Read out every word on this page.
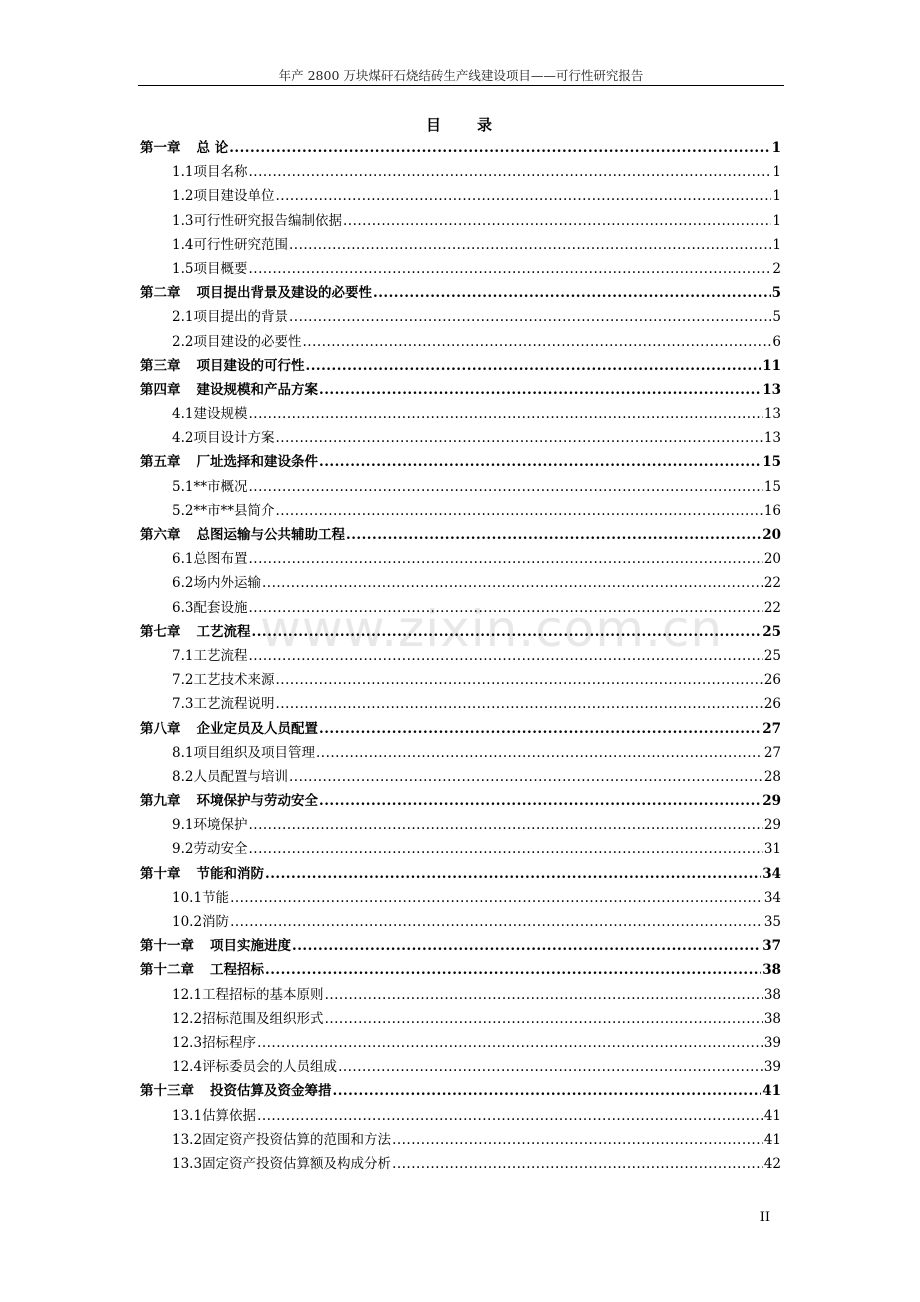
年产 2800 万块煤矸石烧结砖生产线建设项目——可行性研究报告
目　　录
www.zixin.com.cn
第一章 总 论 .....	1
1.1 项目名称 .....	1
1.2 项目建设单位 .....	1
1.3 可行性研究报告编制依据 .....	1
1.4 可行性研究范围 .....	1
1.5 项目概要 .....	2
第二章 项目提出背景及建设的必要性 .....	5
2.1 项目提出的背景 .....	5
2.2 项目建设的必要性 .....	6
第三章 项目建设的可行性 .....	11
第四章 建设规模和产品方案 .....	13
4.1 建设规模 .....	13
4.2 项目设计方案 .....	13
第五章 厂址选择和建设条件 .....	15
5.1 **市概况 .....	15
5.2 **市**县简介 .....	16
第六章 总图运输与公共辅助工程 .....	20
6.1 总图布置 .....	20
6.2 场内外运输 .....	22
6.3 配套设施 .....	22
第七章 工艺流程 .....	25
7.1 工艺流程 .....	25
7.2 工艺技术来源 .....	26
7.3 工艺流程说明 .....	26
第八章 企业定员及人员配置 .....	27
8.1 项目组织及项目管理 .....	27
8.2 人员配置与培训 .....	28
第九章 环境保护与劳动安全 .....	29
9.1 环境保护 .....	29
9.2 劳动安全 .....	31
第十章 节能和消防 .....	34
10.1 节能 .....	34
10.2 消防 .....	35
第十一章 项目实施进度 .....	37
第十二章 工程招标 .....	38
12.1 工程招标的基本原则 .....	38
12.2 招标范围及组织形式 .....	38
12.3 招标程序 .....	39
12.4 评标委员会的人员组成 .....	39
第十三章 投资估算及资金筹措 .....	41
13.1 估算依据 .....	41
13.2 固定资产投资估算的范围和方法 .....	41
13.3 固定资产投资估算额及构成分析 .....	42
II
